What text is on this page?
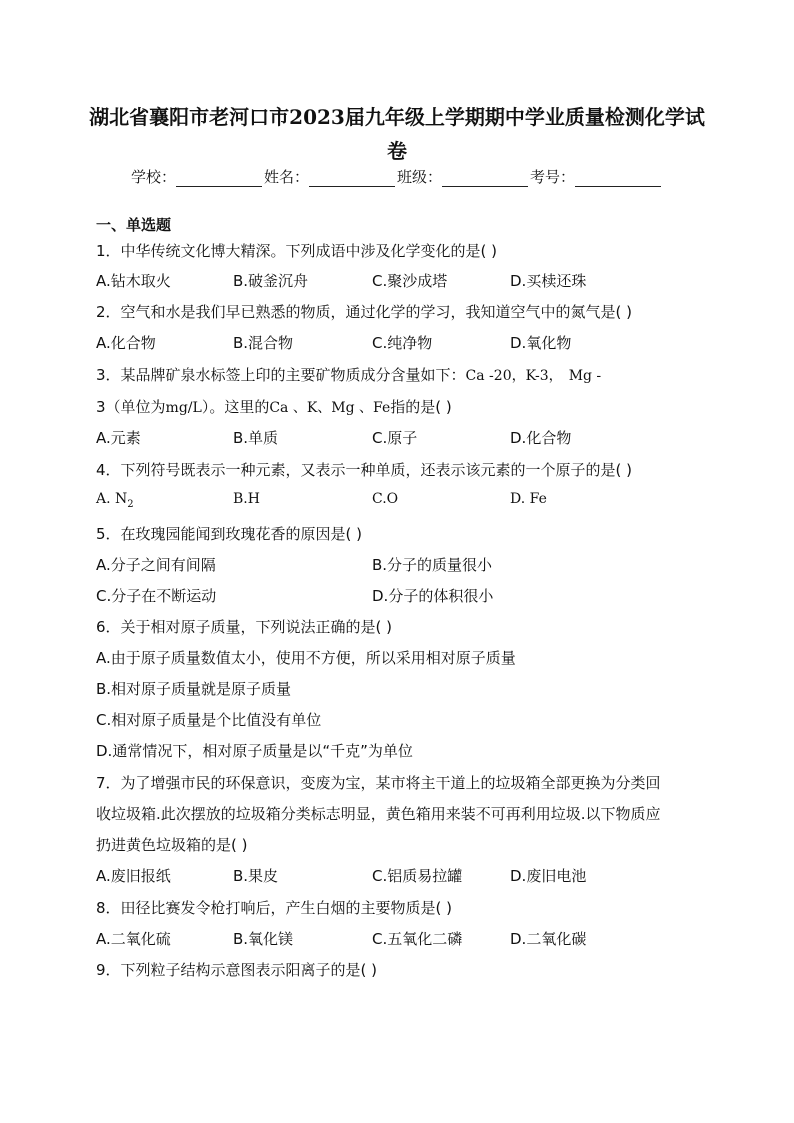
湖北省襄阳市老河口市2023届九年级上学期期中学业质量检测化学试
卷
学校：	姓名：	班级：	考号：
一、单选题
1．中华传统文化博大精深。下列成语中涉及化学变化的是( )
A.钻木取火	B.破釜沉舟	C.聚沙成塔	D.买椟还珠
2．空气和水是我们早已熟悉的物质，通过化学的学习，我知道空气中的氮气是( )
A.化合物	B.混合物	C.纯净物	D.氧化物
3．某品牌矿泉水标签上印的主要矿物质成分含量如下：Ca -20，K-3， Mg -
3（单位为mg/L）。这里的Ca 、K、Mg 、Fe指的是( )
A.元素	B.单质	C.原子	D.化合物
4．下列符号既表示一种元素，又表示一种单质，还表示该元素的一个原子的是( )
A. $N_2$	B.H	C.O	D. Fe
5．在玫瑰园能闻到玫瑰花香的原因是( )
A.分子之间有间隔	B.分子的质量很小
C.分子在不断运动	D.分子的体积很小
6．关于相对原子质量，下列说法正确的是( )
A.由于原子质量数值太小，使用不方便，所以采用相对原子质量
B.相对原子质量就是原子质量
C.相对原子质量是个比值没有单位
D.通常情况下，相对原子质量是以“千克”为单位
7．为了增强市民的环保意识，变废为宝，某市将主干道上的垃圾箱全部更换为分类回
收垃圾箱.此次摆放的垃圾箱分类标志明显，黄色箱用来装不可再利用垃圾.以下物质应
扔进黄色垃圾箱的是( )
A.废旧报纸	B.果皮	C.铝质易拉罐	D.废旧电池
8．田径比赛发令枪打响后，产生白烟的主要物质是( )
A.二氧化硫	B.氧化镁	C.五氧化二磷	D.二氧化碳
9．下列粒子结构示意图表示阳离子的是( )
